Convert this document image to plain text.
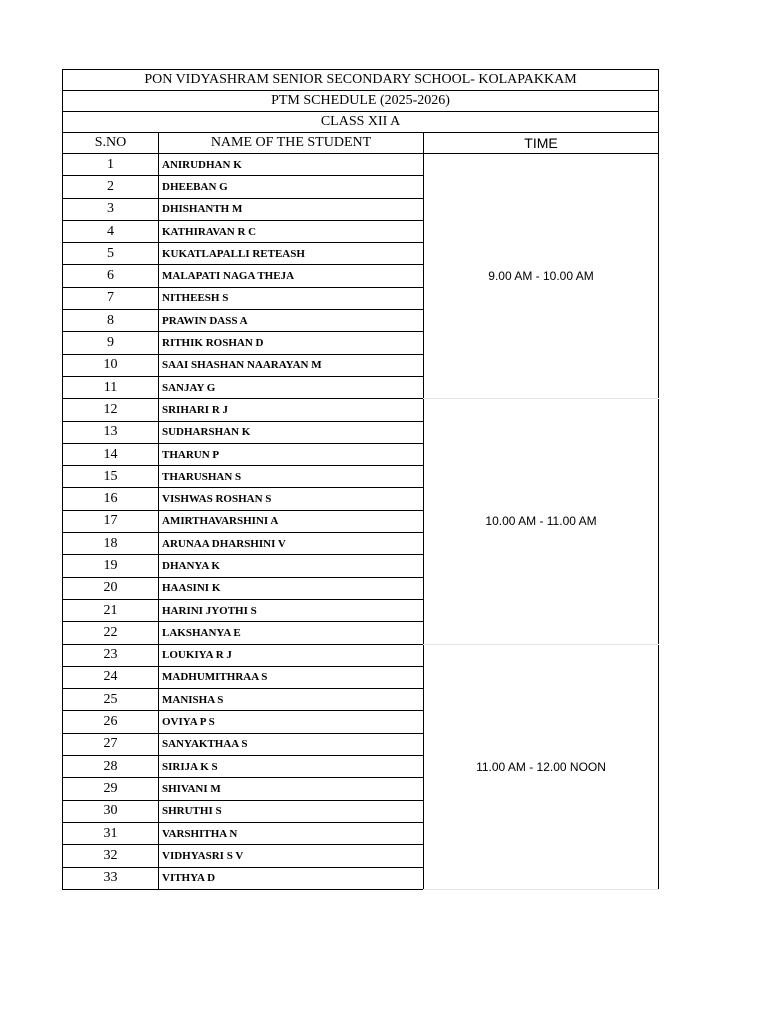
PON VIDYASHRAM SENIOR SECONDARY SCHOOL- KOLAPAKKAM		
PTM SCHEDULE (2025-2026)		
CLASS XII A		
S.NO	NAME OF THE STUDENT	TIME
1	ANIRUDHAN K	9.00 AM - 10.00 AM
2	DHEEBAN G	
3	DHISHANTH M	
4	KATHIRAVAN R C	
5	KUKATLAPALLI RETEASH	
6	MALAPATI NAGA THEJA	
7	NITHEESH S	
8	PRAWIN DASS A	
9	RITHIK ROSHAN D	
10	SAAI SHASHAN NAARAYAN M	
11	SANJAY G	
12	SRIHARI R J	10.00 AM - 11.00 AM
13	SUDHARSHAN K	
14	THARUN P	
15	THARUSHAN S	
16	VISHWAS ROSHAN S	
17	AMIRTHAVARSHINI A	
18	ARUNAA DHARSHINI V	
19	DHANYA K	
20	HAASINI K	
21	HARINI JYOTHI S	
22	LAKSHANYA E	
23	LOUKIYA R J	11.00 AM - 12.00 NOON
24	MADHUMITHRAA S	
25	MANISHA S	
26	OVIYA P S	
27	SANYAKTHAA S	
28	SIRIJA K S	
29	SHIVANI M	
30	SHRUTHI S	
31	VARSHITHA N	
32	VIDHYASRI S V	
33	VITHYA D	
